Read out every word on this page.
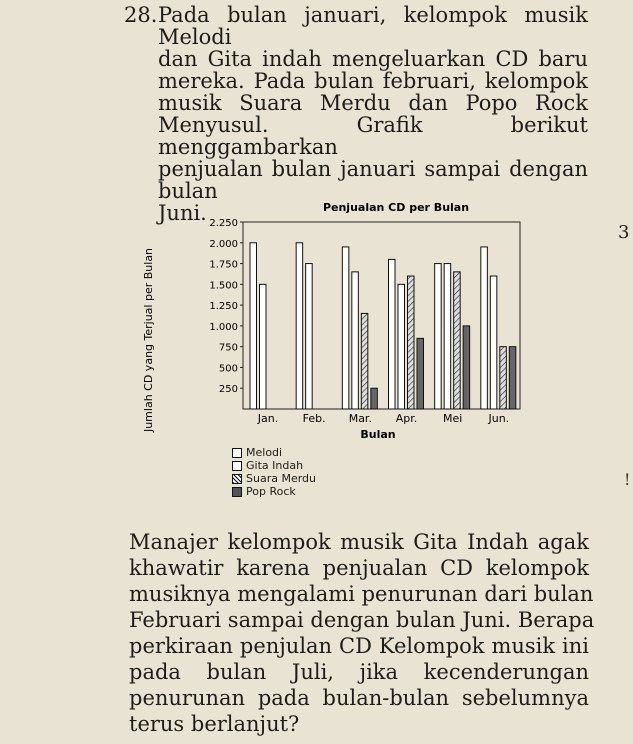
28. Pada bulan januari, kelompok musik Melodi
dan Gita indah mengeluarkan CD baru
mereka. Pada bulan februari, kelompok
musik Suara Merdu dan Popo Rock
Menyusul. Grafik berikut menggambarkan
penjualan bulan januari sampai dengan bulan
Juni.
3
!
Penjualan CD per Bulan
Bulan
Jumlah CD yang Terjual per Bulan	250
500
750
1.000
1.250
1.500
1.750
2.000
2.250
Jan. Feb. Mar. Apr. Mei Jun.
Melodi
Gita Indah
Suara Merdu
Pop Rock
Manajer kelompok musik Gita Indah agak
khawatir karena penjualan CD kelompok
musiknya mengalami penurunan dari bulan
Februari sampai dengan bulan Juni. Berapa
perkiraan penjulan CD Kelompok musik ini
pada bulan Juli, jika kecenderungan
penurunan pada bulan-bulan sebelumnya
terus berlanjut?
